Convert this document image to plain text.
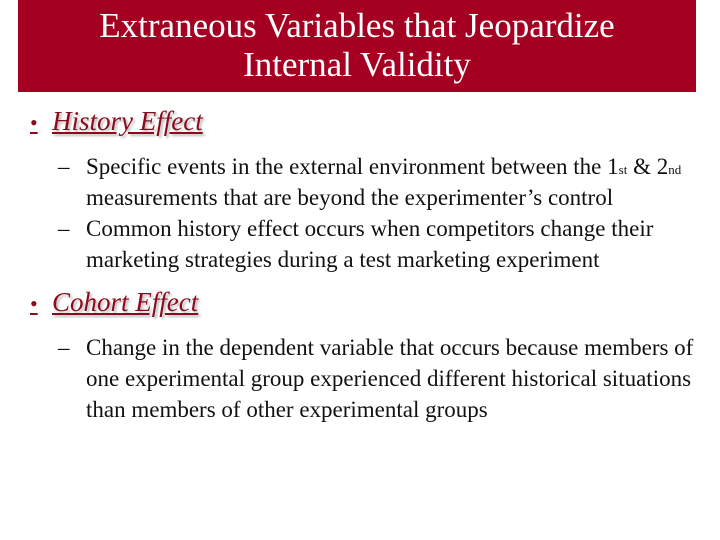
Extraneous Variables that Jeopardize
Internal Validity
• History Effect
– Specific events in the external environment between the 1st & 2nd measurements that are beyond the experimenter’s control
– Common history effect occurs when competitors change their marketing strategies during a test marketing experiment
• Cohort Effect
– Change in the dependent variable that occurs because members of one experimental group experienced different historical situations than members of other experimental groups
